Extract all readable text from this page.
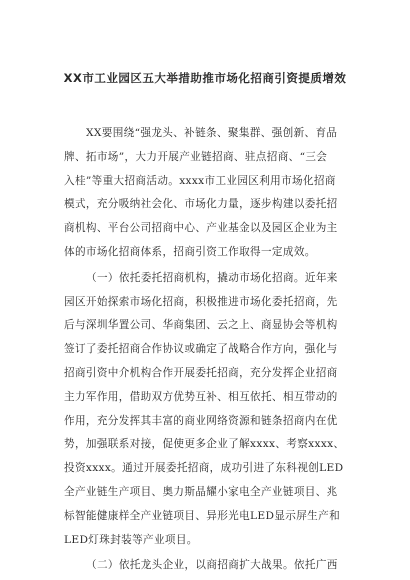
XX市工业园区五大举措助推市场化招商引资提质增效

XX要围绕“强龙头、补链条、聚集群、强创新、育品

牌、拓市场”，大力开展产业链招商、驻点招商、“三会

入桂”等重大招商活动。xxxx市工业园区利用市场化招商

模式，充分吸纳社会化、市场化力量，逐步构建以委托招

商机构、平台公司招商中心、产业基金以及园区企业为主

体的市场化招商体系，招商引资工作取得一定成效。

（一）依托委托招商机构，撬动市场化招商。近年来

园区开始探索市场化招商，积极推进市场化委托招商，先

后与深圳华置公司、华商集团、云之上、商显协会等机构

签订了委托招商合作协议或确定了战略合作方向，强化与

招商引资中介机构合作开展委托招商，充分发挥企业招商

主力军作用，借助双方优势互补、相互依托、相互带动的

作用，充分发挥其丰富的商业网络资源和链条招商内在优

势，加强联系对接，促使更多企业了解xxxx、考察xxxx、

投资xxxx。通过开展委托招商，成功引进了东科视创LED

全产业链生产项目、奥力斯晶耀小家电全产业链项目、兆

标智能健康样全产业链项目、异形光电LED显示屏生产和

LED灯珠封装等产业项目。

（二）依托龙头企业，以商招商扩大战果。依托广西
